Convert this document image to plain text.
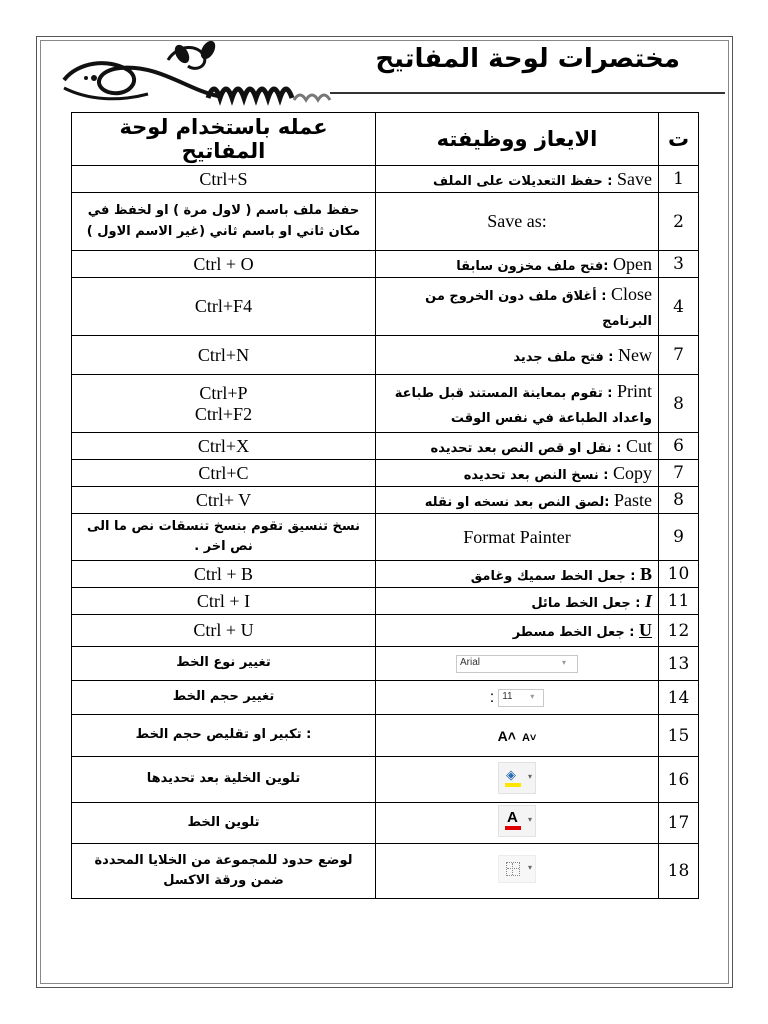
مختصرات لوحة المفاتيح
ت	الايعاز ووظيفته	عمله باستخدام لوحة المفاتيح
1	Save : حفظ التعديلات على الملف	Ctrl+S

2	:Save as	حفظ ملف باسم ( لاول مرة ) او لخفظ في مكان ثاني او باسم ثاني (غير الاسم الاول )
3	Open :فتح ملف مخزون سابقا	Ctrl + O

4	Close : أغلاق ملف دون الخروج من البرنامج	Ctrl+F4

7	New : فتح ملف جديد	Ctrl+N

8	Print : تقوم بمعاينة المستند قبل طباعة واعداد الطباعة في نفس الوقت	Ctrl+P
Ctrl+F2

6	Cut : نقل او قص النص بعد تحديده	Ctrl+X

7	Copy : نسخ النص بعد تحديده	Ctrl+C

8	Paste :لصق النص بعد نسخه او نقله	Ctrl+ V

9	Format Painter	نسخ تنسيق تقوم بنسخ تنسقات نص ما الى نص اخر .
10	B : جعل الخط سميك وغامق	Ctrl + B

11	I : جعل الخط مائل	Ctrl + I

12	U : جعل الخط مسطر	Ctrl + U

13	Arial ▾	تغيير نوع الخط
14	: 11 ▾	تغيير حجم الخط
15	A˄ A˅	: تكبير او تقليص حجم الخط
16	◈ ▾	تلوين الخلية بعد تحديدها
17	A ▾	تلوين الخط
18	▾	لوضع حدود للمجموعة من الخلايا المحددة ضمن ورقة الاكسل
